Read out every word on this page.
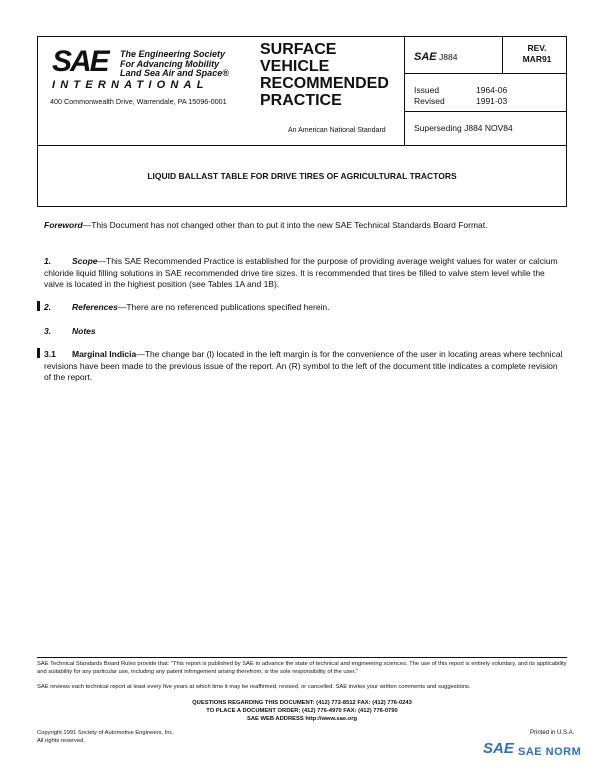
SAE The Engineering Society
For Advancing Mobility
Land Sea Air and Space®
INTERNATIONAL
400 Commonwealth Drive, Warrendale, PA 15096-0001
SURFACE
VEHICLE
RECOMMENDED
PRACTICE
An American National Standard
SAE J884
REV.
MAR91
Issued	1964-06
Revised	1991-03
Superseding J884 NOV84
LIQUID BALLAST TABLE FOR DRIVE TIRES OF AGRICULTURAL TRACTORS
Foreword—This Document has not changed other than to put it into the new SAE Technical Standards Board Format.
1. Scope—This SAE Recommended Practice is established for the purpose of providing average weight values for water or calcium chloride liquid filling solutions in SAE recommended drive tire sizes. It is recommended that tires be filled to valve stem level while the valve is located in the highest position (see Tables 1A and 1B).
2. References—There are no referenced publications specified herein.
3. Notes
3.1 Marginal Indicia—The change bar (l) located in the left margin is for the convenience of the user in locating areas where technical revisions have been made to the previous issue of the report. An (R) symbol to the left of the document title indicates a complete revision of the report.
SAE Technical Standards Board Rules provide that: "This report is published by SAE to advance the state of technical and engineering sciences. The use of this report is entirely voluntary, and its applicability and suitability for any particular use, including any patent infringement arising therefrom, is the sole responsibility of the user."
SAE reviews each technical report at least every five years at which time it may be reaffirmed, revised, or cancelled. SAE invites your written comments and suggestions.
QUESTIONS REGARDING THIS DOCUMENT: (412) 772-8512 FAX: (412) 776-0243
TO PLACE A DOCUMENT ORDER; (412) 776-4970 FAX: (412) 776-0790
SAE WEB ADDRESS http://www.sae.org
Copyright 1991 Society of Automotive Engineers, Inc.
All rights reserved.
Printed in U.S.A.
SAE SAE NORM
